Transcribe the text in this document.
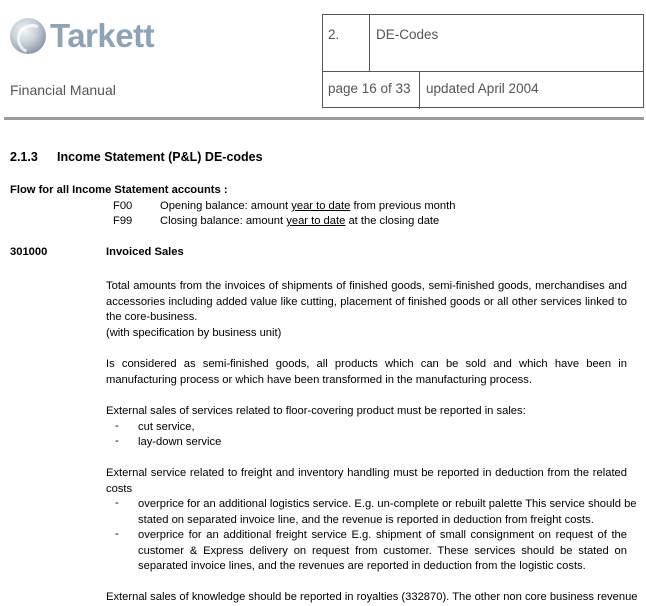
Tarkett
Financial Manual
2.	DE-Codes
page 16 of 33 updated April 2004
2.1.3 Income Statement (P&L) DE-codes
Flow for all Income Statement accounts :
F00 Opening balance: amount year to date from previous month
F99 Closing balance: amount year to date at the closing date
301000	Invoiced Sales
Total amounts from the invoices of shipments of finished goods, semi-finished goods, merchandises and
accessories including added value like cutting, placement of finished goods or all other services linked to
the core-business.
(with specification by business unit)
Is considered as semi-finished goods, all products which can be sold and which have been in
manufacturing process or which have been transformed in the manufacturing process.
External sales of services related to floor-covering product must be reported in sales:
- cut service,
- lay-down service
External service related to freight and inventory handling must be reported in deduction from the related
costs
- overprice for an additional logistics service. E.g. un-complete or rebuilt palette This service should be
stated on separated invoice line, and the revenue is reported in deduction from freight costs.
- overprice for an additional freight service E.g. shipment of small consignment on request of the
customer & Express delivery on request from customer. These services should be stated on
separated invoice lines, and the revenues are reported in deduction from the logistic costs.
External sales of knowledge should be reported in royalties (332870). The other non core business revenue
